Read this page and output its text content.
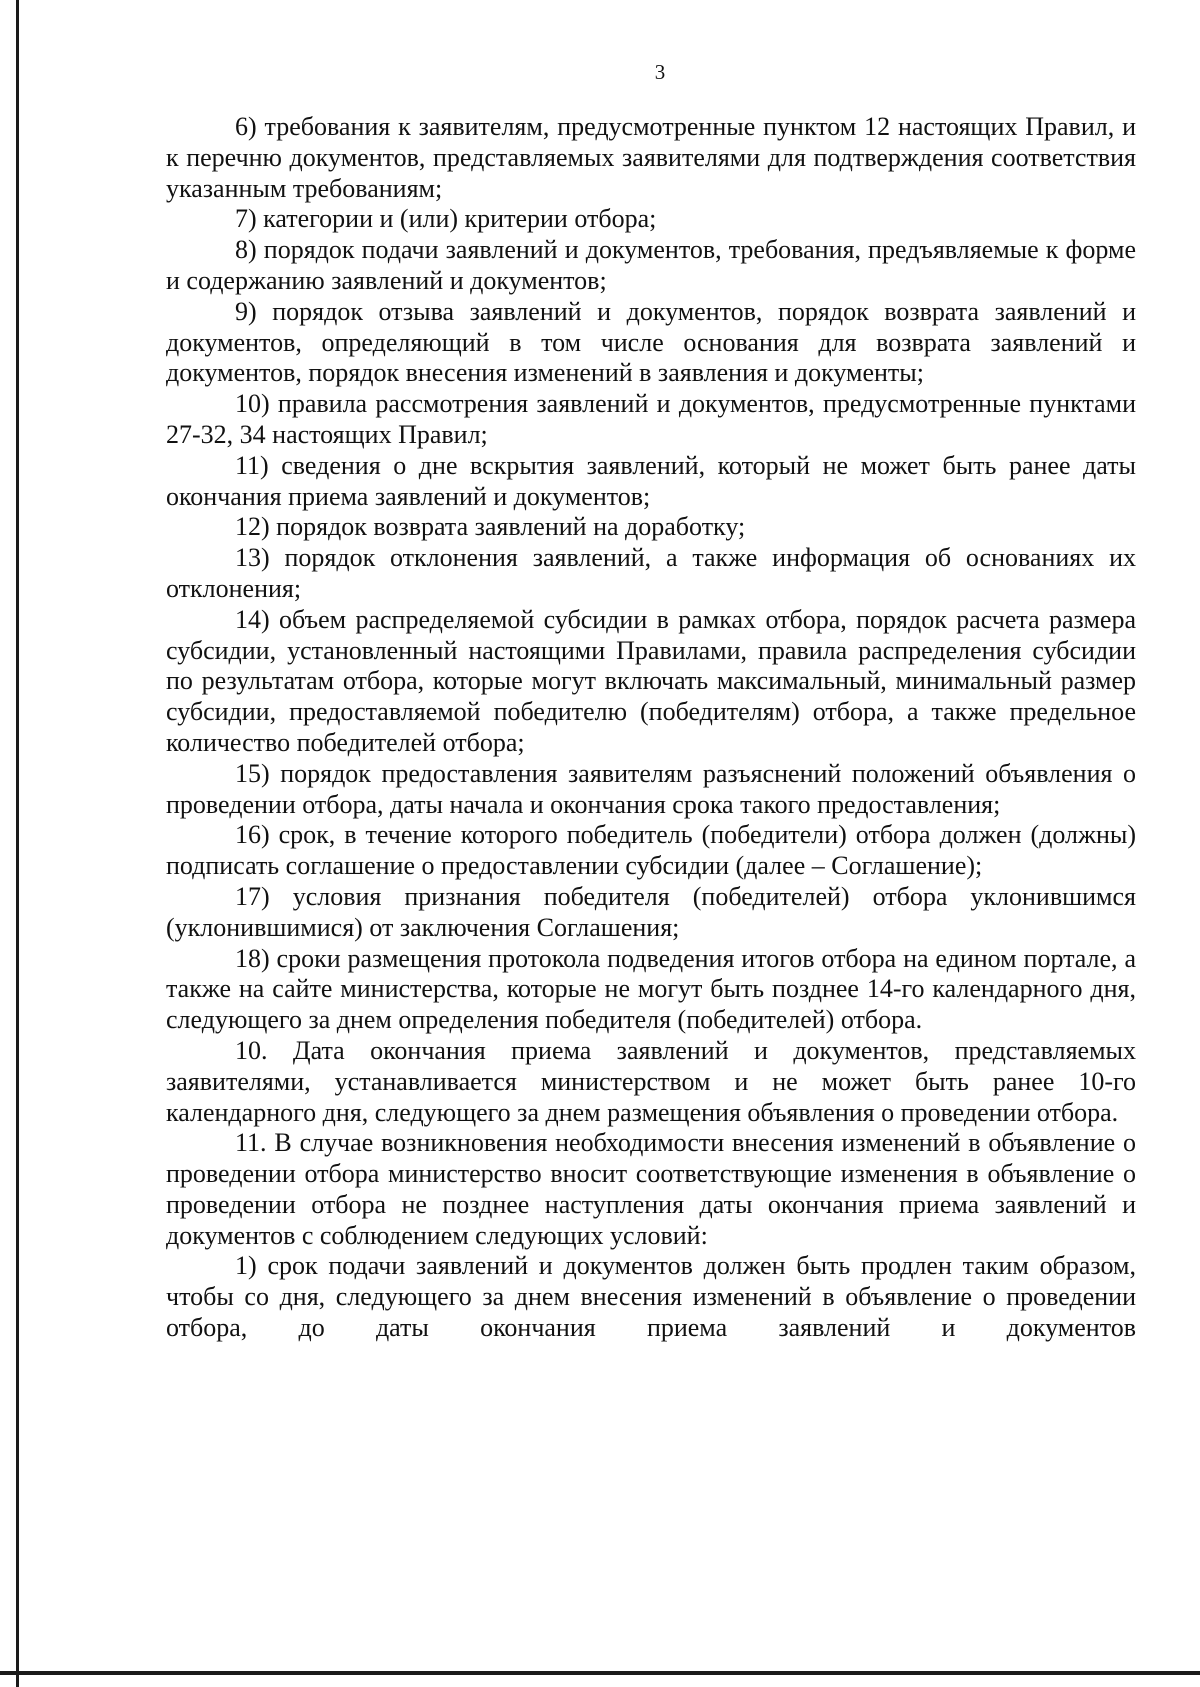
3

6) требования к заявителям, предусмотренные пунктом 12 настоящих Правил, и к перечню документов, представляемых заявителями для подтверждения соответствия указанным требованиям;

7) категории и (или) критерии отбора;

8) порядок подачи заявлений и документов, требования, предъявляемые к форме и содержанию заявлений и документов;

9) порядок отзыва заявлений и документов, порядок возврата заявлений и документов, определяющий в том числе основания для возврата заявлений и документов, порядок внесения изменений в заявления и документы;

10) правила рассмотрения заявлений и документов, предусмотренные пунктами 27-32, 34 настоящих Правил;

11) сведения о дне вскрытия заявлений, который не может быть ранее даты окончания приема заявлений и документов;

12) порядок возврата заявлений на доработку;

13) порядок отклонения заявлений, а также информация об основаниях их отклонения;

14) объем распределяемой субсидии в рамках отбора, порядок расчета размера субсидии, установленный настоящими Правилами, правила распределения субсидии по результатам отбора, которые могут включать максимальный, минимальный размер субсидии, предоставляемой победителю (победителям) отбора, а также предельное количество победителей отбора;

15) порядок предоставления заявителям разъяснений положений объявления о проведении отбора, даты начала и окончания срока такого предоставления;

16) срок, в течение которого победитель (победители) отбора должен (должны) подписать соглашение о предоставлении субсидии (далее – Соглашение);

17) условия признания победителя (победителей) отбора уклонившимся (уклонившимися) от заключения Соглашения;

18) сроки размещения протокола подведения итогов отбора на едином портале, а также на сайте министерства, которые не могут быть позднее 14-го календарного дня, следующего за днем определения победителя (победителей) отбора.

10. Дата окончания приема заявлений и документов, представляемых заявителями, устанавливается министерством и не может быть ранее 10-го календарного дня, следующего за днем размещения объявления о проведении отбора.

11. В случае возникновения необходимости внесения изменений в объявление о проведении отбора министерство вносит соответствующие изменения в объявление о проведении отбора не позднее наступления даты окончания приема заявлений и документов с соблюдением следующих условий:

1) срок подачи заявлений и документов должен быть продлен таким образом, чтобы со дня, следующего за днем внесения изменений в объявление о проведении отбора, до даты окончания приема заявлений и документов
